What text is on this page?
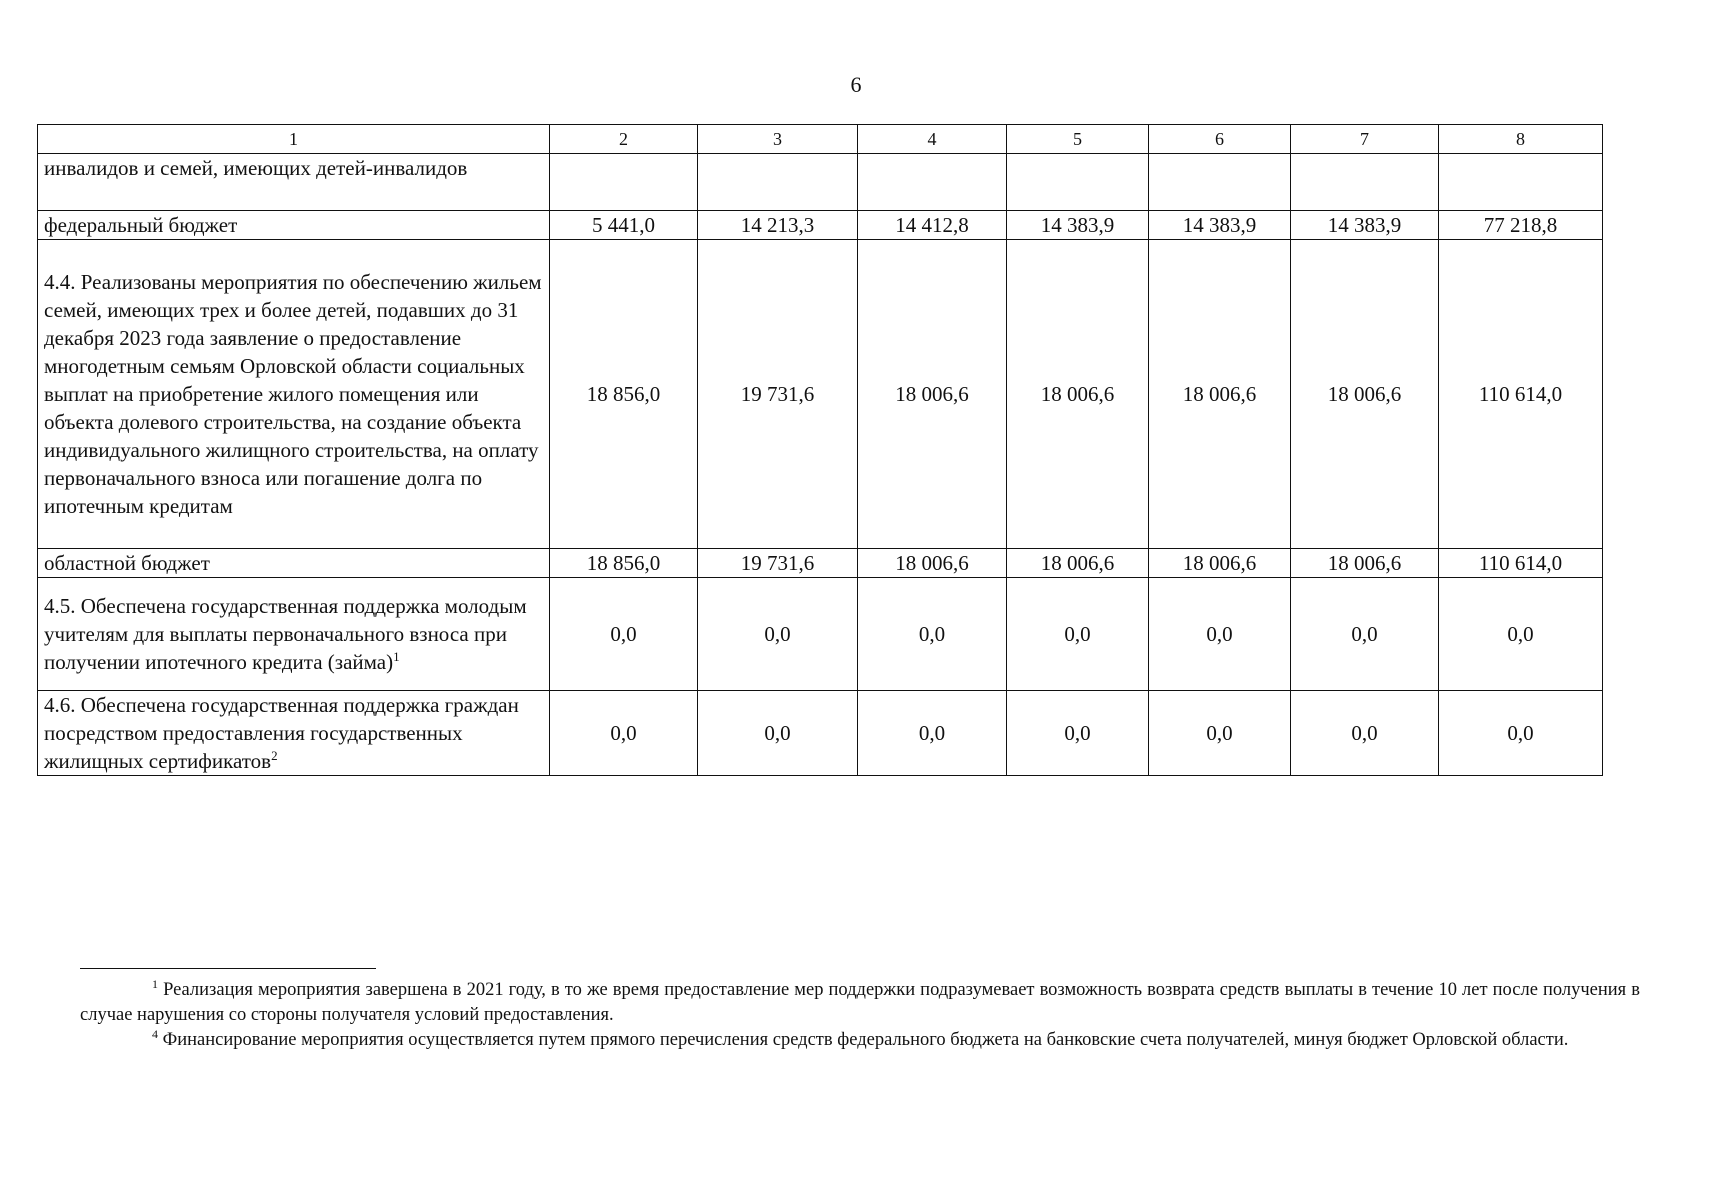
6
1	2	3	4	5	6	7	8
инвалидов и семей, имеющих детей-инвалидов							
федеральный бюджет	5 441,0	14 213,3	14 412,8	14 383,9	14 383,9	14 383,9	77 218,8
4.4. Реализованы мероприятия по обеспечению жильем семей, имеющих трех и более детей, подавших до 31 декабря 2023 года заявление о предоставление многодетным семьям Орловской области социальных выплат на приобретение жилого помещения или объекта долевого строительства, на создание объекта индивидуального жилищного строительства, на оплату первоначального взноса или погашение долга по ипотечным кредитам	18 856,0	19 731,6	18 006,6	18 006,6	18 006,6	18 006,6	110 614,0
областной бюджет	18 856,0	19 731,6	18 006,6	18 006,6	18 006,6	18 006,6	110 614,0
4.5. Обеспечена государственная поддержка молодым учителям для выплаты первоначального взноса при получении ипотечного кредита (займа)$^1$	0,0	0,0	0,0	0,0	0,0	0,0	0,0
4.6. Обеспечена государственная поддержка граждан посредством предоставления государственных жилищных сертификатов$^2$	0,0	0,0	0,0	0,0	0,0	0,0	0,0

$^1$ Реализация мероприятия завершена в 2021 году, в то же время предоставление мер поддержки подразумевает возможность возврата средств выплаты в течение 10 лет после получения в случае нарушения со стороны получателя условий предоставления.

$^4$ Финансирование мероприятия осуществляется путем прямого перечисления средств федерального бюджета на банковские счета получателей, минуя бюджет Орловской области.
